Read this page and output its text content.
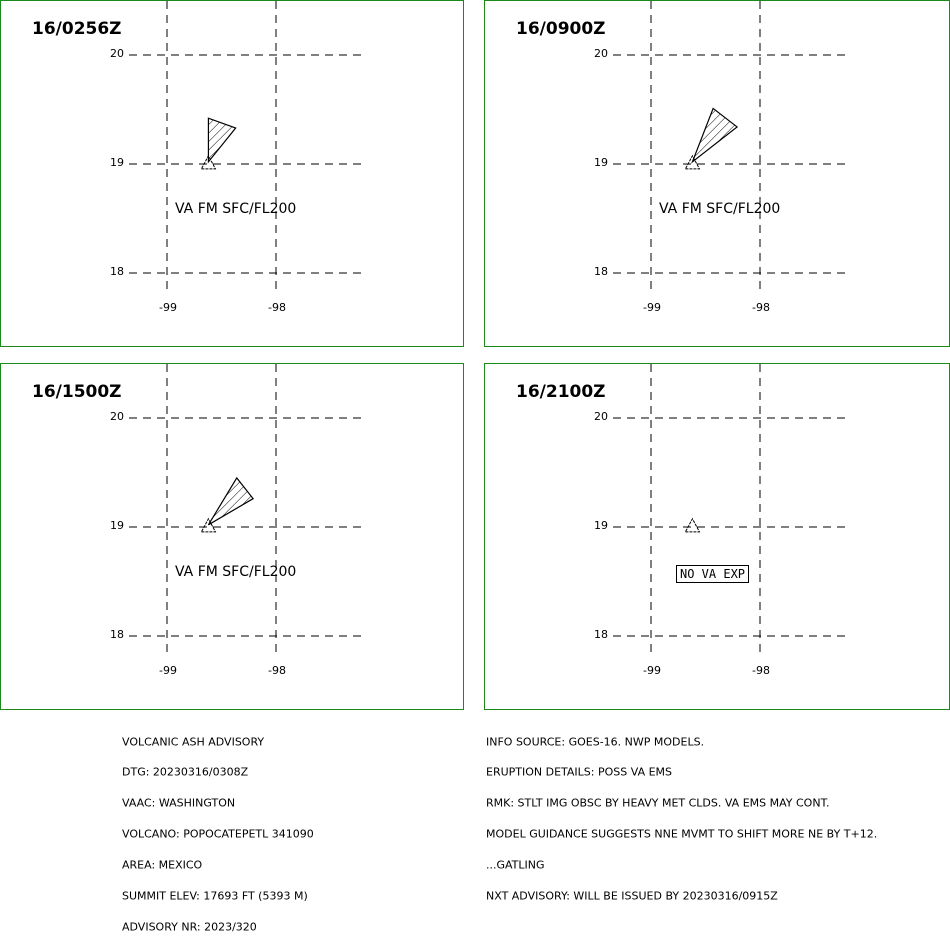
16/0256Z
20
19
18
-99	-98
VA FM SFC/FL200
16/0900Z
20
19
18
-99	-98
VA FM SFC/FL200
16/1500Z
20
19
18
-99	-98
VA FM SFC/FL200
16/2100Z
20
19
18
-99	-98
NO VA EXP

VOLCANIC ASH ADVISORY

DTG: 20230316/0308Z

VAAC: WASHINGTON

VOLCANO: POPOCATEPETL 341090

AREA: MEXICO

SUMMIT ELEV: 17693 FT (5393 M)

ADVISORY NR: 2023/320

INFO SOURCE: GOES-16. NWP MODELS.

ERUPTION DETAILS: POSS VA EMS

RMK: STLT IMG OBSC BY HEAVY MET CLDS. VA EMS MAY CONT.

MODEL GUIDANCE SUGGESTS NNE MVMT TO SHIFT MORE NE BY T+12.

...GATLING

NXT ADVISORY: WILL BE ISSUED BY 20230316/0915Z
